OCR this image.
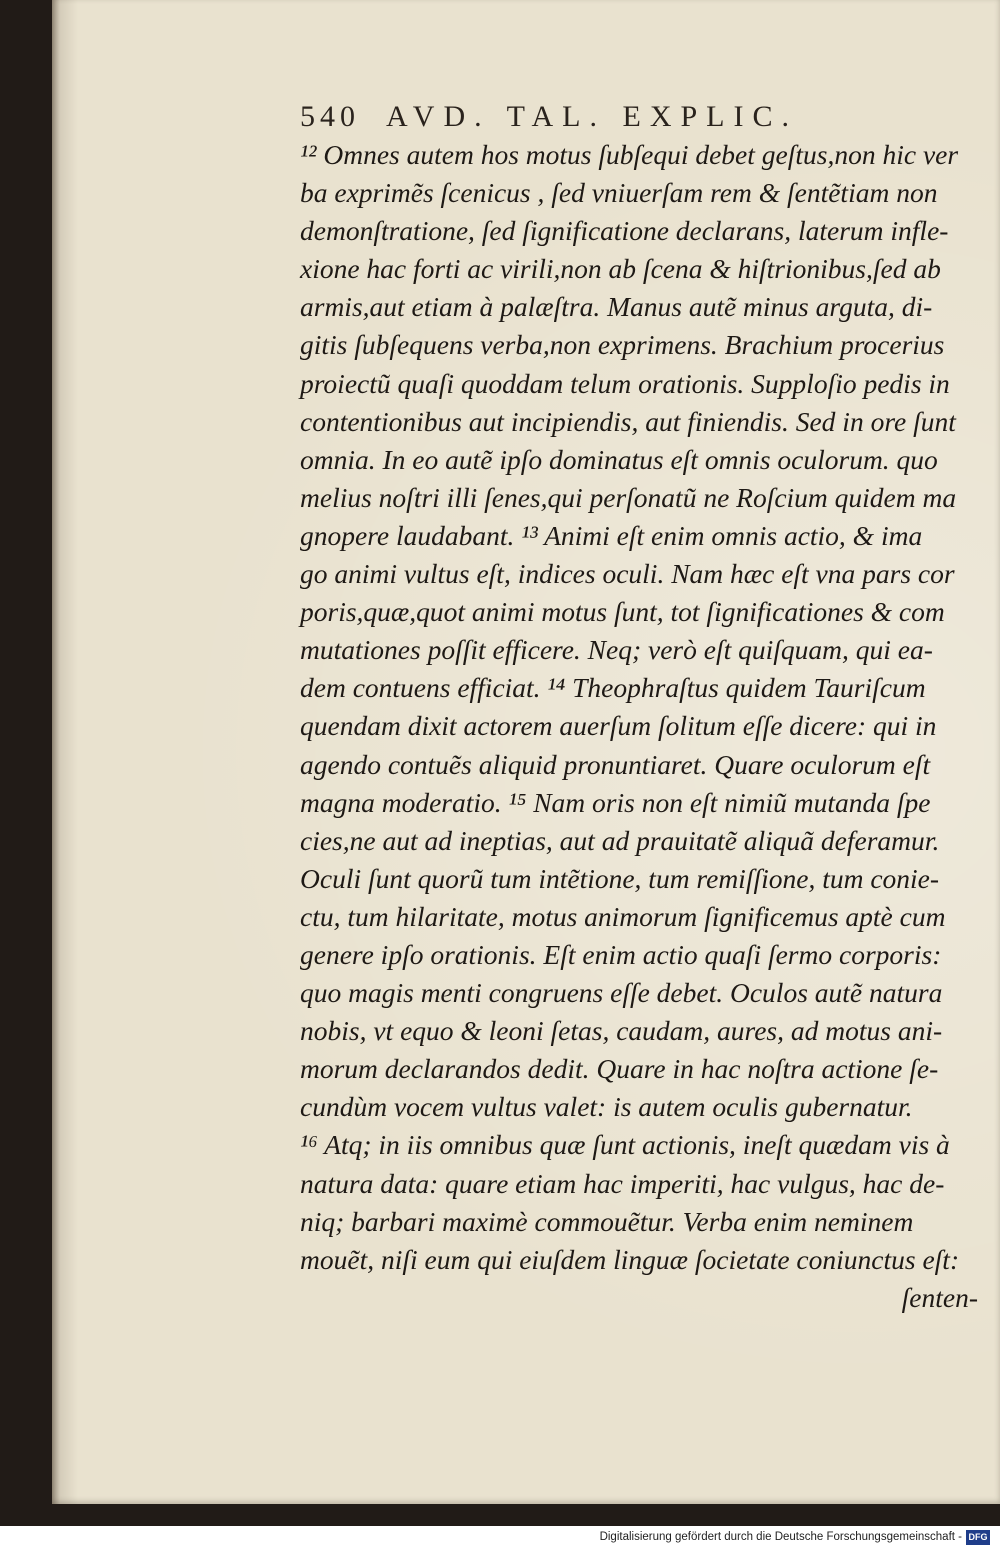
540 AVD. TAL. EXPLIC.
¹² Omnes autem hos motus ſubſequi debet geſtus,non hic ver
ba exprimẽs ſcenicus , ſed vniuerſam rem & ſentẽtiam non
demonſtratione, ſed ſignificatione declarans, laterum infle-
xione hac forti ac virili,non ab ſcena & hiſtrionibus,ſed ab
armis,aut etiam à palæſtra. Manus autẽ minus arguta, di-
gitis ſubſequens verba,non exprimens. Brachium procerius
proiectũ quaſi quoddam telum orationis. Supploſio pedis in
contentionibus aut incipiendis, aut finiendis. Sed in ore ſunt
omnia. In eo autẽ ipſo dominatus eſt omnis oculorum. quo
melius noſtri illi ſenes,qui perſonatũ ne Roſcium quidem ma
gnopere laudabant. ¹³ Animi eſt enim omnis actio, & ima
go animi vultus eſt, indices oculi. Nam hæc eſt vna pars cor
poris,quæ,quot animi motus ſunt, tot ſignificationes & com
mutationes poſſit efficere. Neq; verò eſt quiſquam, qui ea-
dem contuens efficiat. ¹⁴ Theophraſtus quidem Tauriſcum
quendam dixit actorem auerſum ſolitum eſſe dicere: qui in
agendo contuẽs aliquid pronuntiaret. Quare oculorum eſt
magna moderatio. ¹⁵ Nam oris non eſt nimiũ mutanda ſpe
cies,ne aut ad ineptias, aut ad prauitatẽ aliquã deferamur.
Oculi ſunt quorũ tum intẽtione, tum remiſſione, tum conie-
ctu, tum hilaritate, motus animorum ſignificemus aptè cum
genere ipſo orationis. Eſt enim actio quaſi ſermo corporis:
quo magis menti congruens eſſe debet. Oculos autẽ natura
nobis, vt equo & leoni ſetas, caudam, aures, ad motus ani-
morum declarandos dedit. Quare in hac noſtra actione ſe-
cundùm vocem vultus valet: is autem oculis gubernatur.
¹⁶ Atq; in iis omnibus quæ ſunt actionis, ineſt quædam vis à
natura data: quare etiam hac imperiti, hac vulgus, hac de-
niq; barbari maximè commouẽtur. Verba enim neminem
mouẽt, niſi eum qui eiuſdem linguæ ſocietate coniunctus eſt:
ſenten-
Digitalisierung gefördert durch die Deutsche Forschungsgemeinschaft - DFG
